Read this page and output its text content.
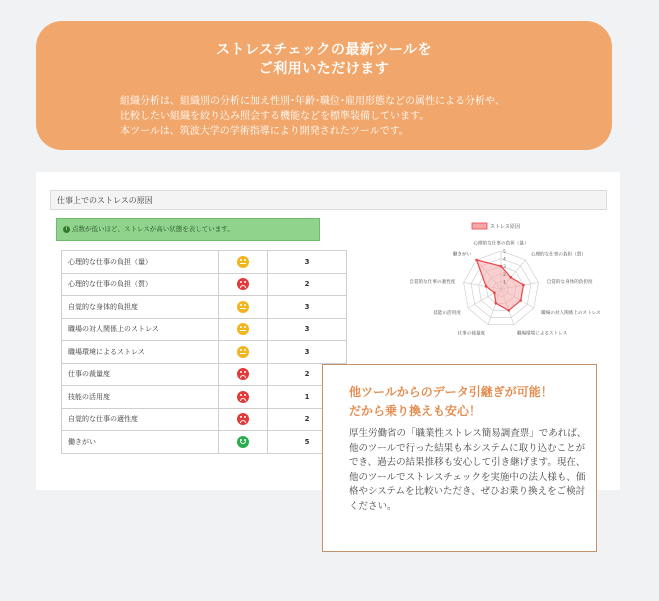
ストレスチェックの最新ツールを
ご利用いただけます
組織分析は、組織別の分析に加え性別･年齢･職位･雇用形態などの属性による分析や、
比較したい組織を絞り込み照会する機能などを標準装備しています。
本ツールは、筑波大学の学術指導により開発されたツールです。
仕事上でのストレスの原因
i 点数が低いほど、ストレスが高い状態を表しています。
心理的な仕事の負担（量）		3
心理的な仕事の負担（質）		2
自覚的な身体的負担度		3
職場の対人関係上のストレス		3
職場環境によるストレス		3
仕事の裁量度		2
技能の活用度		1
自覚的な仕事の適性度		2
働きがい		5
1
2
3
4
5
心理的な仕事の負担（量）
心理的な仕事の負担（質）
自覚的な身体的負担度
職場の対人関係上のストレス
職場環境によるストレス
仕事の裁量度
技能の活用度
自覚的な仕事の適性度
働きがい
ストレス原因
他ツールからのデータ引継ぎが可能！
だから乗り換えも安心！
厚生労働省の「職業性ストレス簡易調査票」であれば、他のツールで行った結果も本システムに取り込むことができ、過去の結果推移も安心して引き継げます。現在、他のツールでストレスチェックを実施中の法人様も、価格やシステムを比較いただき、ぜひお乗り換えをご検討ください。
